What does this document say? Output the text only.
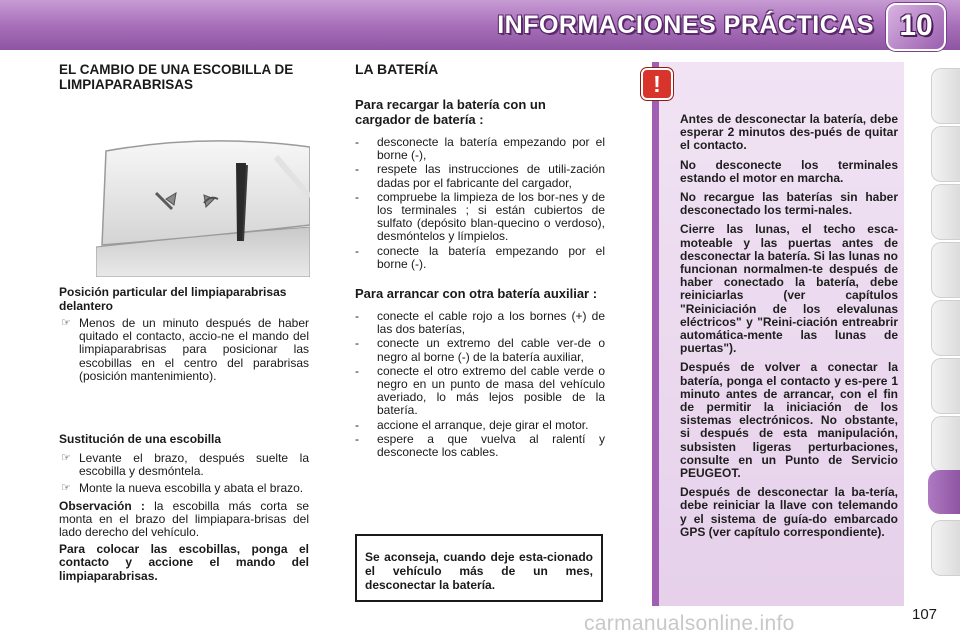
INFORMACIONES PRÁCTICAS 10
EL CAMBIO DE UNA ESCOBILLA DE LIMPIAPARABRISAS
Posición particular del limpiaparabrisas delantero
☞ Menos de un minuto después de haber quitado el contacto, accio-ne el mando del limpiaparabrisas para posicionar las escobillas en el centro del parabrisas (posición mantenimiento).
Sustitución de una escobilla
☞ Levante el brazo, después suelte la escobilla y desmóntela.
☞ Monte la nueva escobilla y abata el brazo.
Observación : la escobilla más corta se monta en el brazo del limpiapara-brisas del lado derecho del vehículo.
Para colocar las escobillas, ponga el contacto y accione el mando del limpiaparabrisas.
LA BATERÍA
Para recargar la batería con un cargador de batería :
- desconecte la batería empezando por el borne (-),
- respete las instrucciones de utili-zación dadas por el fabricante del cargador,
- compruebe la limpieza de los bor-nes y de los terminales ; si están cubiertos de sulfato (depósito blan-quecino o verdoso), desmóntelos y límpielos.
- conecte la batería empezando por el borne (-).
Para arrancar con otra batería auxiliar :
- conecte el cable rojo a los bornes (+) de las dos baterías,
- conecte un extremo del cable ver-de o negro al borne (-) de la batería auxiliar,
- conecte el otro extremo del cable verde o negro en un punto de masa del vehículo averiado, lo más lejos posible de la batería.
- accione el arranque, deje girar el motor.
- espere a que vuelva al ralentí y desconecte los cables.
Se aconseja, cuando deje esta-cionado el vehículo más de un mes, desconectar la batería.
!

Antes de desconectar la batería, debe esperar 2 minutos des-pués de quitar el contacto.

No desconecte los terminales estando el motor en marcha.

No recargue las baterías sin haber desconectado los termi-nales.

Cierre las lunas, el techo esca-moteable y las puertas antes de desconectar la batería. Si las lunas no funcionan normalmen-te después de haber conectado la batería, debe reiniciarlas (ver capítulos "Reiniciación de los elevalunas eléctricos" y "Reini-ciación entreabrir automática-mente las lunas de puertas").

Después de volver a conectar la batería, ponga el contacto y es-pere 1 minuto antes de arrancar, con el fin de permitir la iniciación de los sistemas electrónicos. No obstante, si después de esta manipulación, subsisten ligeras perturbaciones, consulte en un Punto de Servicio PEUGEOT.

Después de desconectar la ba-tería, debe reiniciar la llave con telemando y el sistema de guía-do embarcado GPS (ver capítulo correspondiente).

carmanualsonline.info	107
